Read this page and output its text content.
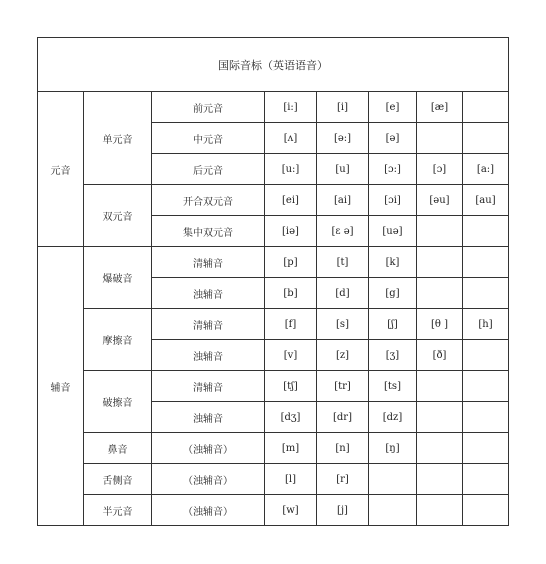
国际音标（英语语音）							
元音	单元音	前元音	[i:]	[i]	[e]	[æ]	
		中元音	[ʌ]	[ə:]	[ə]		
		后元音	[u:]	[u]	[ɔ:]	[ɔ]	[a:]
	双元音	开合双元音	[ei]	[ai]	[ɔi]	[əu]	[au]
		集中双元音	[iə]	[ɛ ə]	[uə]		
辅音	爆破音	清辅音	[p]	[t]	[k]		
		浊辅音	[b]	[d]	[g]		
	摩擦音	清辅音	[f]	[s]	[ʃ]	[θ ]	[h]
		浊辅音	[v]	[z]	[ʒ]	[ð]	
	破擦音	清辅音	[tʃ]	[tr]	[ts]		
		浊辅音	[dʒ]	[dr]	[dz]		
	鼻音	（浊辅音）	[m]	[n]	[ŋ]		
	舌侧音	（浊辅音）	[l]	[r]			
	半元音	（浊辅音）	[w]	[j]			
